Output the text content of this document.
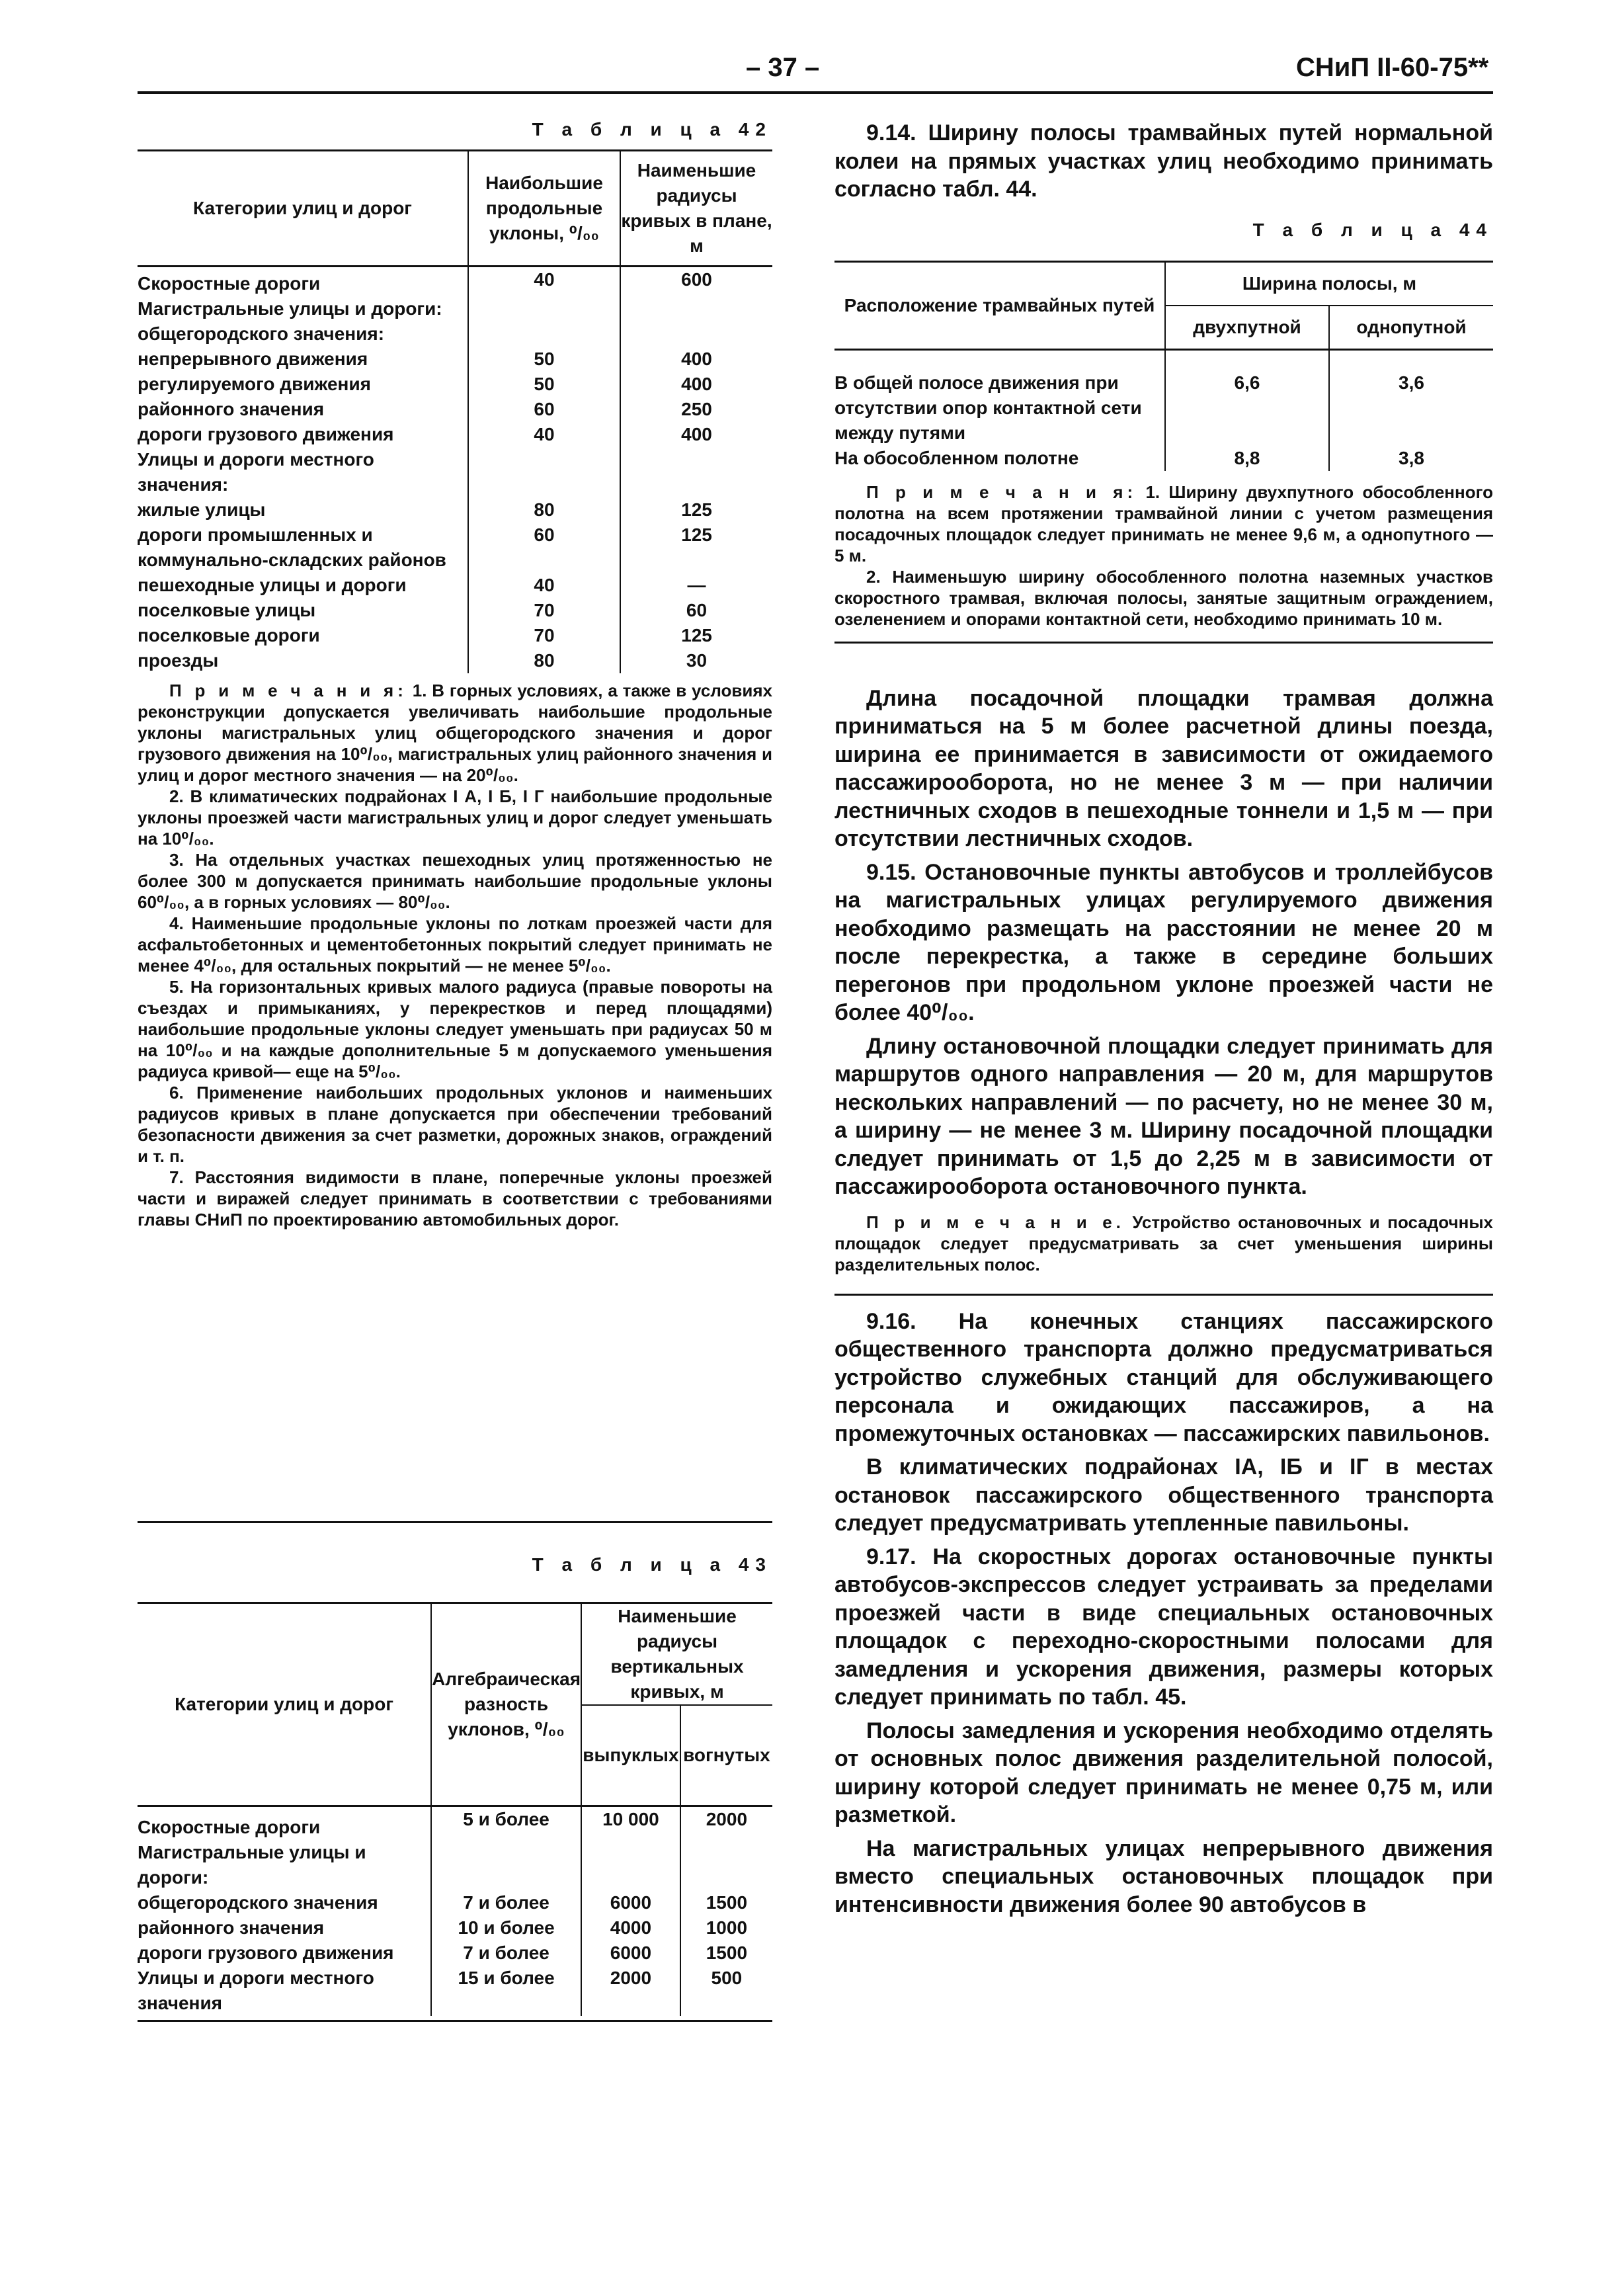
– 37 –	СНиП II-60-75**
Т а б л и ц а 42
Категории улиц и дорог	Наибольшие продольные уклоны, ⁰/₀₀	Наименьшие радиусы кривых в плане, м
Скоростные дороги	40	600
Магистральные улицы и дороги:		
общегородского значения:		
непрерывного движения	50	400
регулируемого движения	50	400
районного значения	60	250
дороги грузового движения	40	400
Улицы и дороги местного значения:		
жилые улицы	80	125
дороги промышленных и коммунально-складских районов	60	125
пешеходные улицы и дороги	40	—
поселковые улицы	70	60
поселковые дороги	70	125
проезды	80	30

П р и м е ч а н и я: 1. В горных условиях, а также в условиях реконструкции допускается увеличивать наибольшие продольные уклоны магистральных улиц общегородского значения и дорог грузового движения на 10⁰/₀₀, магистральных улиц районного значения и улиц и дорог местного значения — на 20⁰/₀₀.

2. В климатических подрайонах I А, I Б, I Г наибольшие продольные уклоны проезжей части магистральных улиц и дорог следует уменьшать на 10⁰/₀₀.

3. На отдельных участках пешеходных улиц протяженностью не более 300 м допускается принимать наибольшие продольные уклоны 60⁰/₀₀, а в горных условиях — 80⁰/₀₀.

4. Наименьшие продольные уклоны по лоткам проезжей части для асфальтобетонных и цементобетонных покрытий следует принимать не менее 4⁰/₀₀, для остальных покрытий — не менее 5⁰/₀₀.

5. На горизонтальных кривых малого радиуса (правые повороты на съездах и примыканиях, у перекрестков и перед площадями) наибольшие продольные уклоны следует уменьшать при радиусах 50 м на 10⁰/₀₀ и на каждые дополнительные 5 м допускаемого уменьшения радиуса кривой— еще на 5⁰/₀₀.

6. Применение наибольших продольных уклонов и наименьших радиусов кривых в плане допускается при обеспечении требований безопасности движения за счет разметки, дорожных знаков, ограждений и т. п.

7. Расстояния видимости в плане, поперечные уклоны проезжей части и виражей следует принимать в соответствии с требованиями главы СНиП по проектированию автомобильных дорог.

Т а б л и ц а 43
Категории улиц и дорог	Алгебраическая разность уклонов, ⁰/₀₀	Наименьшие радиусы вертикальных кривых, м	
		выпуклых	вогнутых
Скоростные дороги	5 и более	10 000	2000
Магистральные улицы и дороги:			
общегородского значения	7 и более	6000	1500
районного значения	10 и более	4000	1000
дороги грузового движения	7 и более	6000	1500
Улицы и дороги местного значения	15 и более	2000	500

9.14. Ширину полосы трамвайных путей нормальной колеи на прямых участках улиц необходимо принимать согласно табл. 44.

Т а б л и ц а 44
Расположение трамвайных путей	Ширина полосы, м	
	двухпутной	однопутной
В общей полосе движения при отсутствии опор контактной сети между путями	6,6	3,6
На обособленном полотне	8,8	3,8

П р и м е ч а н и я: 1. Ширину двухпутного обособленного полотна на всем протяжении трамвайной линии с учетом размещения посадочных площадок следует принимать не менее 9,6 м, а однопутного — 5 м.

2. Наименьшую ширину обособленного полотна наземных участков скоростного трамвая, включая полосы, занятые защитным ограждением, озеленением и опорами контактной сети, необходимо принимать 10 м.

Длина посадочной площадки трамвая должна приниматься на 5 м более расчетной длины поезда, ширина ее принимается в зависимости от ожидаемого пассажирооборота, но не менее 3 м — при наличии лестничных сходов в пешеходные тоннели и 1,5 м — при отсутствии лестничных сходов.

9.15. Остановочные пункты автобусов и троллейбусов на магистральных улицах регулируемого движения необходимо размещать на расстоянии не менее 20 м после перекрестка, а также в середине больших перегонов при продольном уклоне проезжей части не более 40⁰/₀₀.

Длину остановочной площадки следует принимать для маршрутов одного направления — 20 м, для маршрутов нескольких направлений — по расчету, но не менее 30 м, а ширину — не менее 3 м. Ширину посадочной площадки следует принимать от 1,5 до 2,25 м в зависимости от пассажирооборота остановочного пункта.

П р и м е ч а н и е. Устройство остановочных и посадочных площадок следует предусматривать за счет уменьшения ширины разделительных полос.

9.16. На конечных станциях пассажирского общественного транспорта должно предусматриваться устройство служебных станций для обслуживающего персонала и ожидающих пассажиров, а на промежуточных остановках — пассажирских павильонов.

В климатических подрайонах IА, IБ и IГ в местах остановок пассажирского общественного транспорта следует предусматривать утепленные павильоны.

9.17. На скоростных дорогах остановочные пункты автобусов-экспрессов следует устраивать за пределами проезжей части в виде специальных остановочных площадок с переходно-скоростными полосами для замедления и ускорения движения, размеры которых следует принимать по табл. 45.

Полосы замедления и ускорения необходимо отделять от основных полос движения разделительной полосой, ширину которой следует принимать не менее 0,75 м, или разметкой.

На магистральных улицах непрерывного движения вместо специальных остановочных площадок при интенсивности движения более 90 автобусов в
